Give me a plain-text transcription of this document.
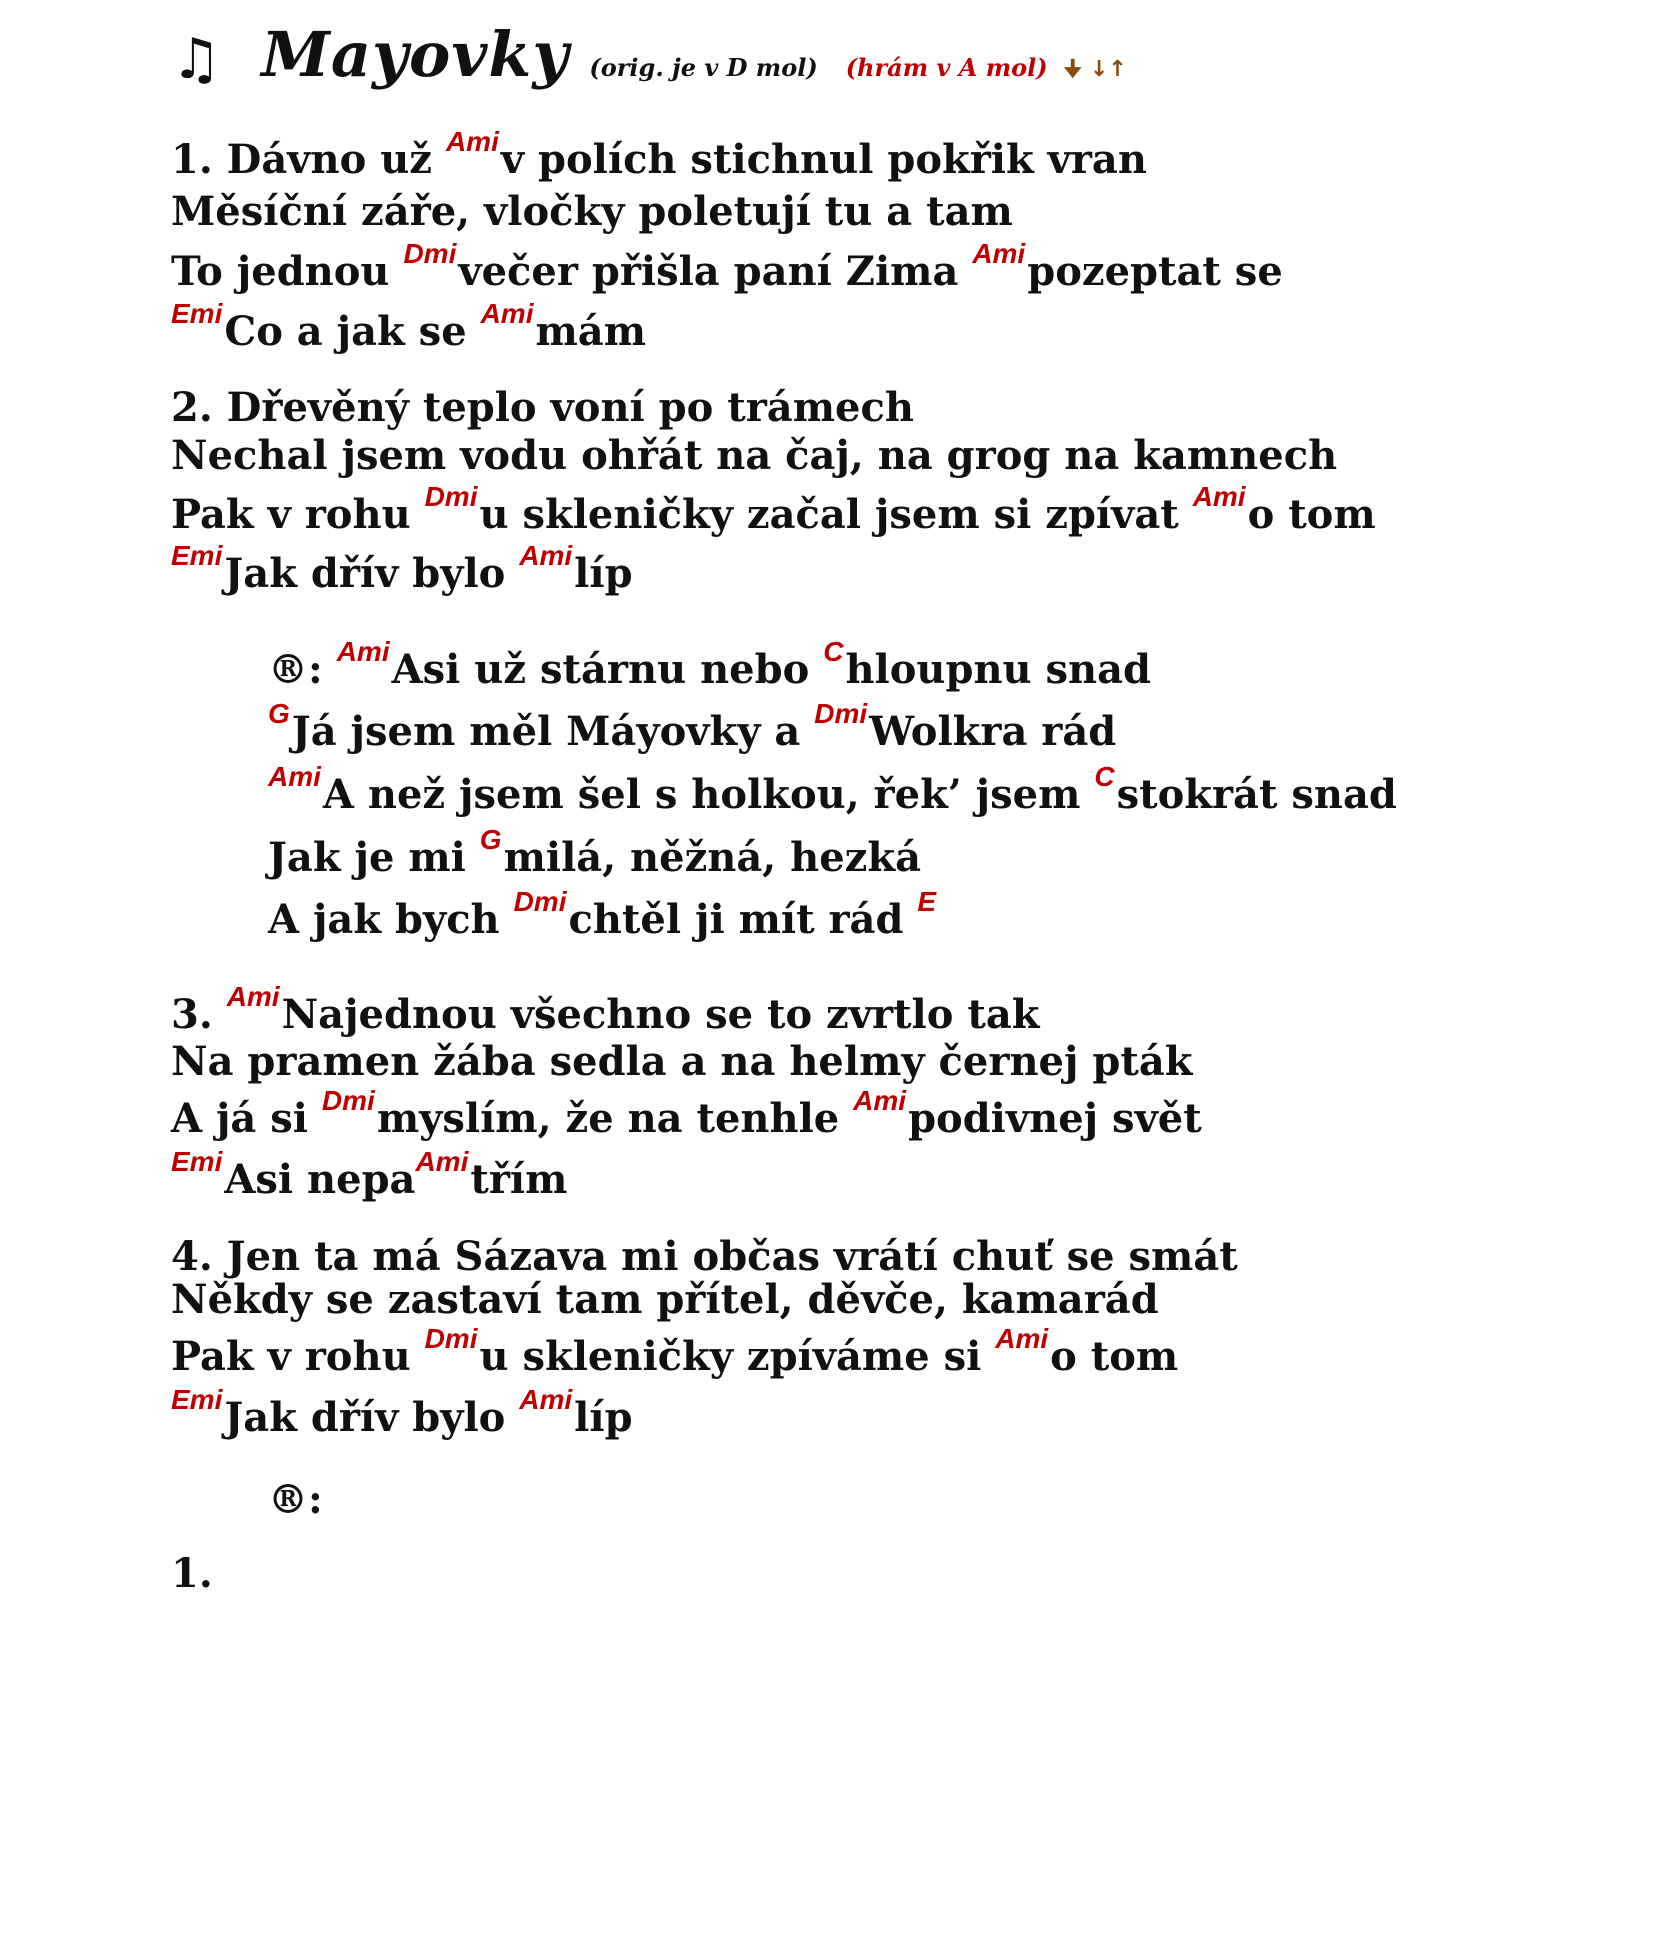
♫ Mayovky (orig. je v D mol) (hrám v A mol) 🠋 ↓↑
1. Dávno už $^{Ami}$v polích stichnul pokřik vran
Měsíční záře, vločky poletují tu a tam
To jednou $^{Dmi}$večer přišla paní Zima $^{Ami}$pozeptat se
$^{Emi}$Co a jak se $^{Ami}$mám
2. Dřevěný teplo voní po trámech
Nechal jsem vodu ohřát na čaj, na grog na kamnech
Pak v rohu $^{Dmi}$u skleničky začal jsem si zpívat $^{Ami}$o tom
$^{Emi}$Jak dřív bylo $^{Ami}$líp
®: $^{Ami}$Asi už stárnu nebo $^C$hloupnu snad
$^G$Já jsem měl Máyovky a $^{Dmi}$Wolkra rád
$^{Ami}$A než jsem šel s holkou, řek’ jsem $^C$stokrát snad
Jak je mi $^G$milá, něžná, hezká
A jak bych $^{Dmi}$chtěl ji mít rád $^E$
3. $^{Ami}$Najednou všechno se to zvrtlo tak
Na pramen žába sedla a na helmy černej pták
A já si $^{Dmi}$myslím, že na tenhle $^{Ami}$podivnej svět
$^{Emi}$Asi nepa$^{Ami}$třím
4. Jen ta má Sázava mi občas vrátí chuť se smát
Někdy se zastaví tam přítel, děvče, kamarád
Pak v rohu $^{Dmi}$u skleničky zpíváme si $^{Ami}$o tom
$^{Emi}$Jak dřív bylo $^{Ami}$líp
®:
1.
